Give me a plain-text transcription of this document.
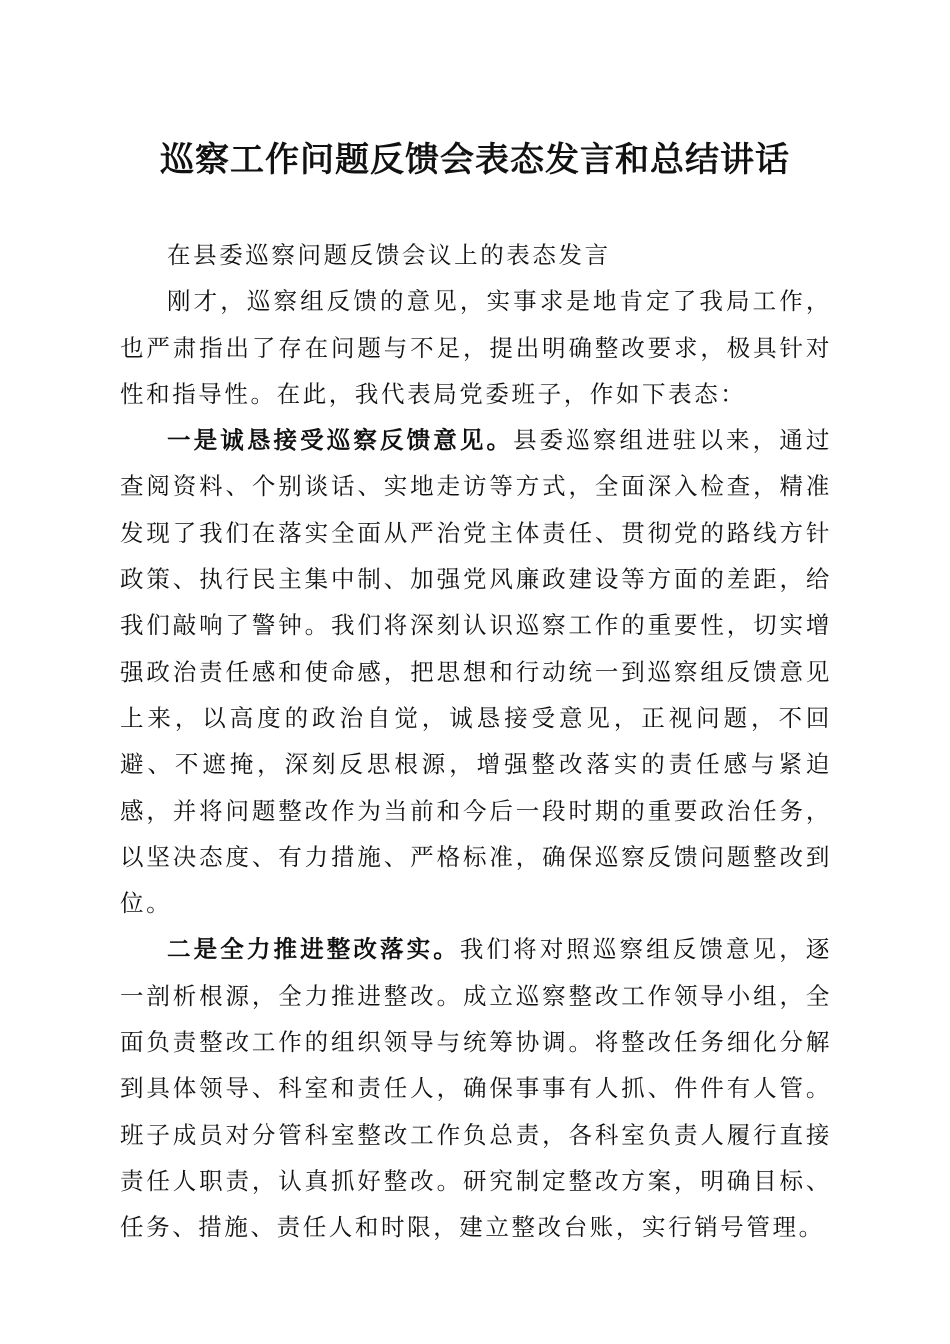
巡察工作问题反馈会表态发言和总结讲话

在县委巡察问题反馈会议上的表态发言

刚才，巡察组反馈的意见，实事求是地肯定了我局工作，也严肃指出了存在问题与不足，提出明确整改要求，极具针对性和指导性。在此，我代表局党委班子，作如下表态：

一是诚恳接受巡察反馈意见。县委巡察组进驻以来，通过查阅资料、个别谈话、实地走访等方式，全面深入检查，精准发现了我们在落实全面从严治党主体责任、贯彻党的路线方针政策、执行民主集中制、加强党风廉政建设等方面的差距，给我们敲响了警钟。我们将深刻认识巡察工作的重要性，切实增强政治责任感和使命感，把思想和行动统一到巡察组反馈意见上来，以高度的政治自觉，诚恳接受意见，正视问题，不回避、不遮掩，深刻反思根源，增强整改落实的责任感与紧迫感，并将问题整改作为当前和今后一段时期的重要政治任务，以坚决态度、有力措施、严格标准，确保巡察反馈问题整改到位。

二是全力推进整改落实。我们将对照巡察组反馈意见，逐一剖析根源，全力推进整改。成立巡察整改工作领导小组，全面负责整改工作的组织领导与统筹协调。将整改任务细化分解到具体领导、科室和责任人，确保事事有人抓、件件有人管。班子成员对分管科室整改工作负总责，各科室负责人履行直接责任人职责，认真抓好整改。研究制定整改方案，明确目标、任务、措施、责任人和时限，建立整改台账，实行销号管理。
